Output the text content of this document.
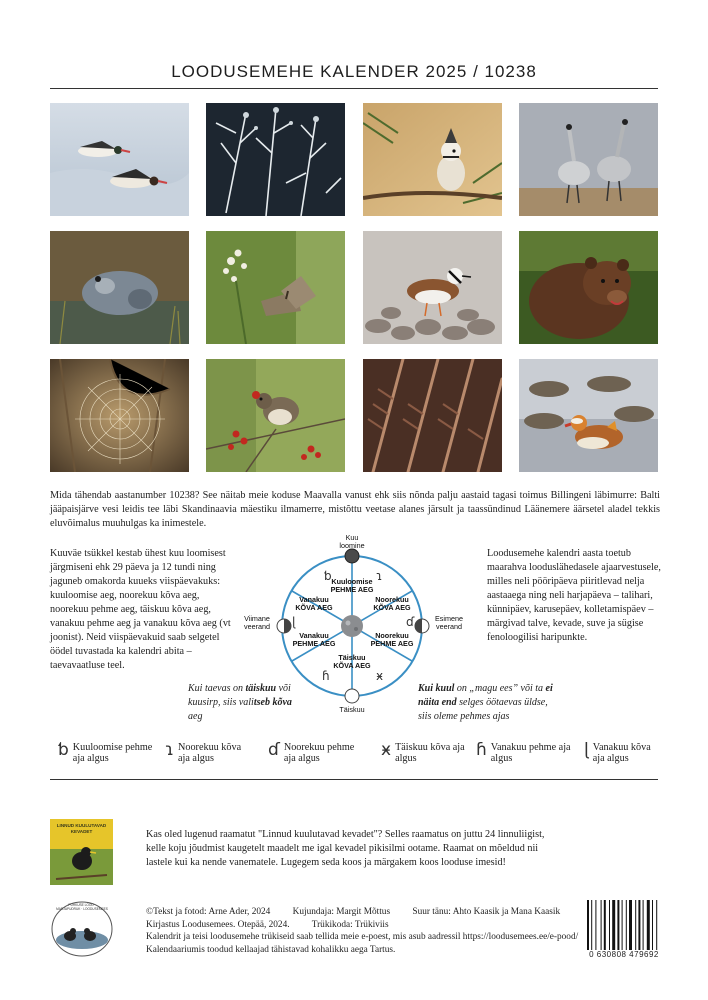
LOODUSEMEHE KALENDER 2025 / 10238

Mida tähendab aastanumber 10238? See näitab meie koduse Maavalla vanust ehk siis nõnda palju aastaid tagasi toimus Billingeni läbimurre: Balti jääpaisjärve vesi leidis tee läbi Skandinaavia mäestiku ilmamerre, mistõttu veetase alanes järsult ja taassündinud Läänemere äärsetel aladel tekkis eluvõimalus muuhulgas ka inimestele.

Kuuväe tsükkel kestab ühest kuu loomisest järgmiseni ehk 29 päeva ja 12 tundi ning jaguneb omakorda kuueks viispäevakuks: kuuloomise aeg, noorekuu kõva aeg, noorekuu pehme aeg, täiskuu kõva aeg, vanakuu pehme aeg ja vanakuu kõva aeg (vt joonist). Neid viispäevakuid saab selgetel öödel tuvastada ka kalendri abita – taevavaatluse teel.

ƅ	ɿ
ɗ
ӿ
ɦ
ɭ
Kuu loomine
Viimane veerand
Esimene veerand
Täiskuu
Kuuloomise PEHME AEG
Vanakuu KÕVA AEG
Noorekuu KÕVA AEG
Vanakuu PEHME AEG
Noorekuu PEHME AEG
Täiskuu KÕVA AEG

Loodusemehe kalendri aasta toetub maarahva looduslähedasele ajaarvestusele, milles neli pööripäeva piiritlevad nelja aastaaega ning neli harjapäeva – talihari, künnipäev, karusepäev, kolletamispäev – märgivad talve, kevade, suve ja sügise fenoloogilisi haripunkte.

Kui taevas on täiskuu või kuusirp, siis valitseb kõva aeg

Kui kuul on „magu ees” või ta ei näita end selges öötaevas üldse, siis oleme pehmes ajas

ƅ Kuuloomise pehme aja algus	ɿ Noorekuu kõva aja algus	ɗ Noorekuu pehme aja algus	ӿ Täiskuu kõva aja algus	ɦ Vanakuu pehme aja algus	ɭ Vanakuu kõva aja algus
LINNUD KUULUTAVAD KEVADET	Kas oled lugenud raamatut "Linnud kuulutavad kevadet"? Selles raamatus on juttu 24 linnuliigist, kelle koju jõudmist kaugetelt maadelt me igal kevadel pikisilmi ootame. Raamat on mõeldud nii lastele kui ka nende vanematele. Lugegem seda koos ja märgakem koos looduse imesid!

PUHKUSE LOOD · MARJAPUDRUK · LOODUSEMEES	©Tekst ja fotod: Arne Ader, 2024 Kujundaja: Margit Mõttus Suur tänu: Ahto Kaasik ja Mana Kaasik
Kirjastus Loodusemees. Otepää, 2024. Trükikoda: Trükiviis
Kalendrit ja teisi loodusemehe trükiseid saab tellida meie e-poest, mis asub aadressil https://loodusemees.ee/e-pood/
Kalendaariumis toodud kellaajad tähistavad kohalikku aega Tartus.	0 630808 479692
